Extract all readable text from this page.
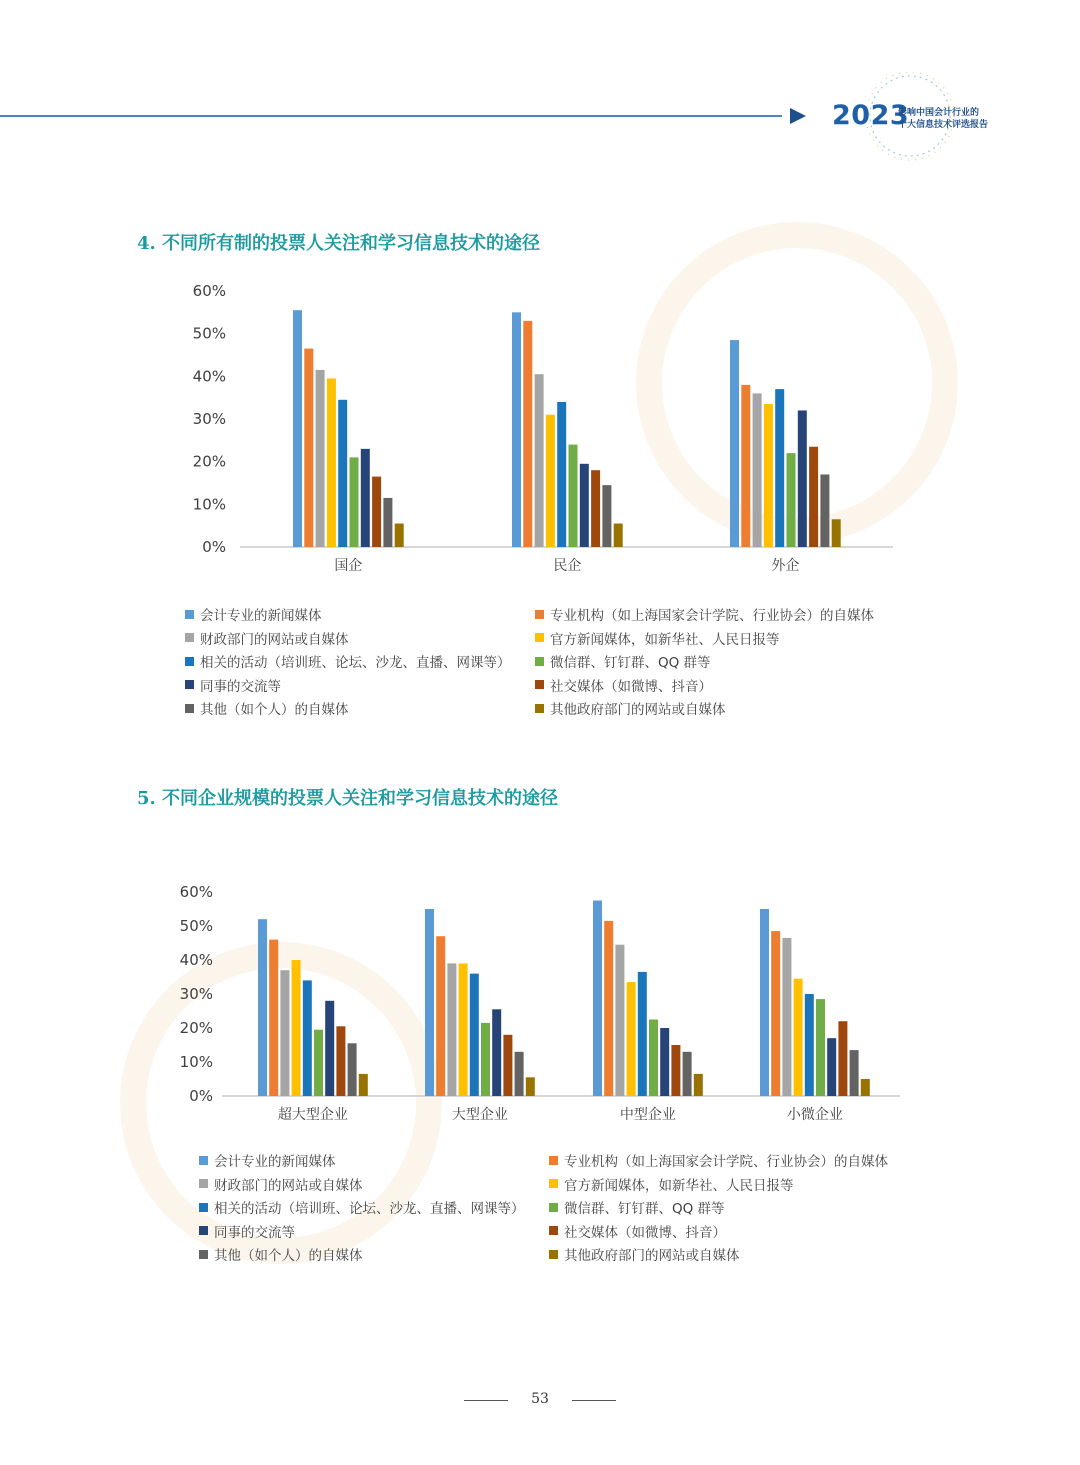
2023
影响中国会计行业的
十大信息技术评选报告
4. 不同所有制的投票人关注和学习信息技术的途径
0%
10%
20%
30%
40%
50%
60%
国企	民企	外企
会计专业的新闻媒体	专业机构（如上海国家会计学院、行业协会）的自媒体
财政部门的网站或自媒体	官方新闻媒体，如新华社、人民日报等
相关的活动（培训班、论坛、沙龙、直播、网课等）	微信群、钉钉群、QQ 群等
同事的交流等	社交媒体（如微博、抖音）
其他（如个人）的自媒体	其他政府部门的网站或自媒体
5. 不同企业规模的投票人关注和学习信息技术的途径
0%
10%
20%
30%
40%
50%
60%
超大型企业	大型企业	中型企业	小微企业
会计专业的新闻媒体	专业机构（如上海国家会计学院、行业协会）的自媒体
财政部门的网站或自媒体	官方新闻媒体，如新华社、人民日报等
相关的活动（培训班、论坛、沙龙、直播、网课等）	微信群、钉钉群、QQ 群等
同事的交流等	社交媒体（如微博、抖音）
其他（如个人）的自媒体	其他政府部门的网站或自媒体
53
